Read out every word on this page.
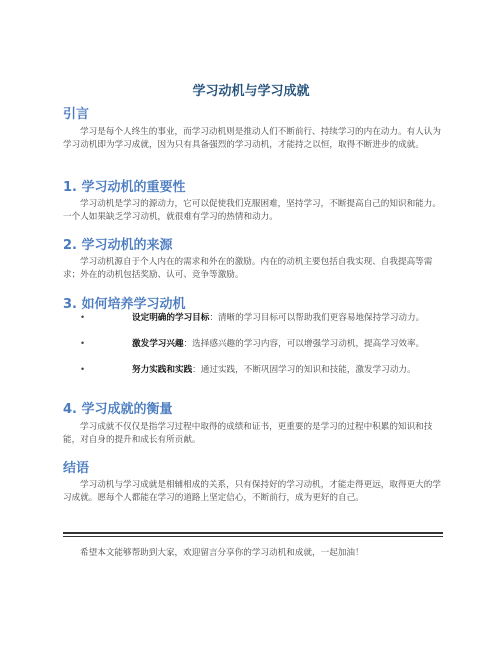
学习动机与学习成就
引言
学习是每个人终生的事业，而学习动机则是推动人们不断前行、持续学习的内在动力。有人认为学习动机即为学习成就，因为只有具备强烈的学习动机，才能持之以恒，取得不断进步的成就。
1. 学习动机的重要性
学习动机是学习的源动力，它可以促使我们克服困难，坚持学习，不断提高自己的知识和能力。一个人如果缺乏学习动机，就很难有学习的热情和动力。
2. 学习动机的来源
学习动机源自于个人内在的需求和外在的激励。内在的动机主要包括自我实现、自我提高等需求；外在的动机包括奖励、认可、竞争等激励。
3. 如何培养学习动机
•	设定明确的学习目标：清晰的学习目标可以帮助我们更容易地保持学习动力。
•	激发学习兴趣：选择感兴趣的学习内容，可以增强学习动机，提高学习效率。
•	努力实践和实践：通过实践，不断巩固学习的知识和技能，激发学习动力。
4. 学习成就的衡量
学习成就不仅仅是指学习过程中取得的成绩和证书，更重要的是学习的过程中积累的知识和技能，对自身的提升和成长有所贡献。
结语
学习动机与学习成就是相辅相成的关系，只有保持好的学习动机，才能走得更远，取得更大的学习成就。愿每个人都能在学习的道路上坚定信心，不断前行，成为更好的自己。
希望本文能够帮助到大家，欢迎留言分享你的学习动机和成就，一起加油！
